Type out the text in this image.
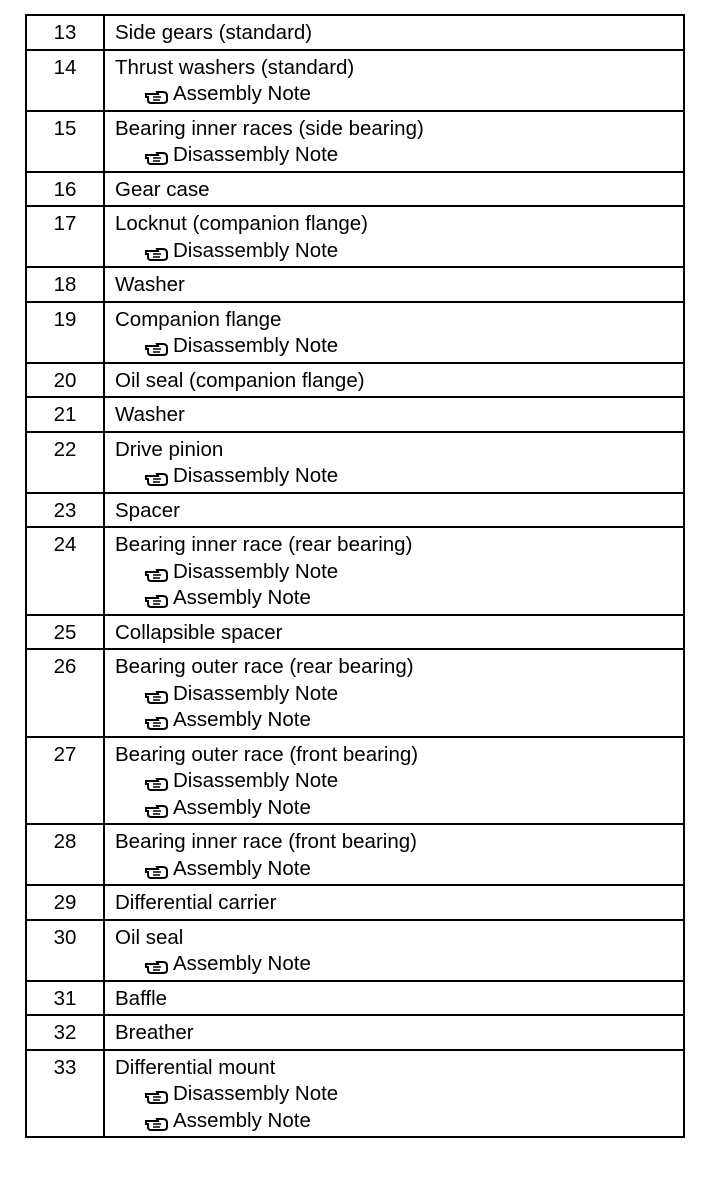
13	Side gears (standard)

14	Thrust washers (standard)
Assembly Note

15	Bearing inner races (side bearing)
Disassembly Note

16	Gear case

17	Locknut (companion flange)
Disassembly Note

18	Washer

19	Companion flange
Disassembly Note

20	Oil seal (companion flange)

21	Washer

22	Drive pinion
Disassembly Note

23	Spacer

24	Bearing inner race (rear bearing)
Disassembly Note
Assembly Note

25	Collapsible spacer

26	Bearing outer race (rear bearing)
Disassembly Note
Assembly Note

27	Bearing outer race (front bearing)
Disassembly Note
Assembly Note

28	Bearing inner race (front bearing)
Assembly Note

29	Differential carrier

30	Oil seal
Assembly Note

31	Baffle

32	Breather

33	Differential mount
Disassembly Note
Assembly Note
